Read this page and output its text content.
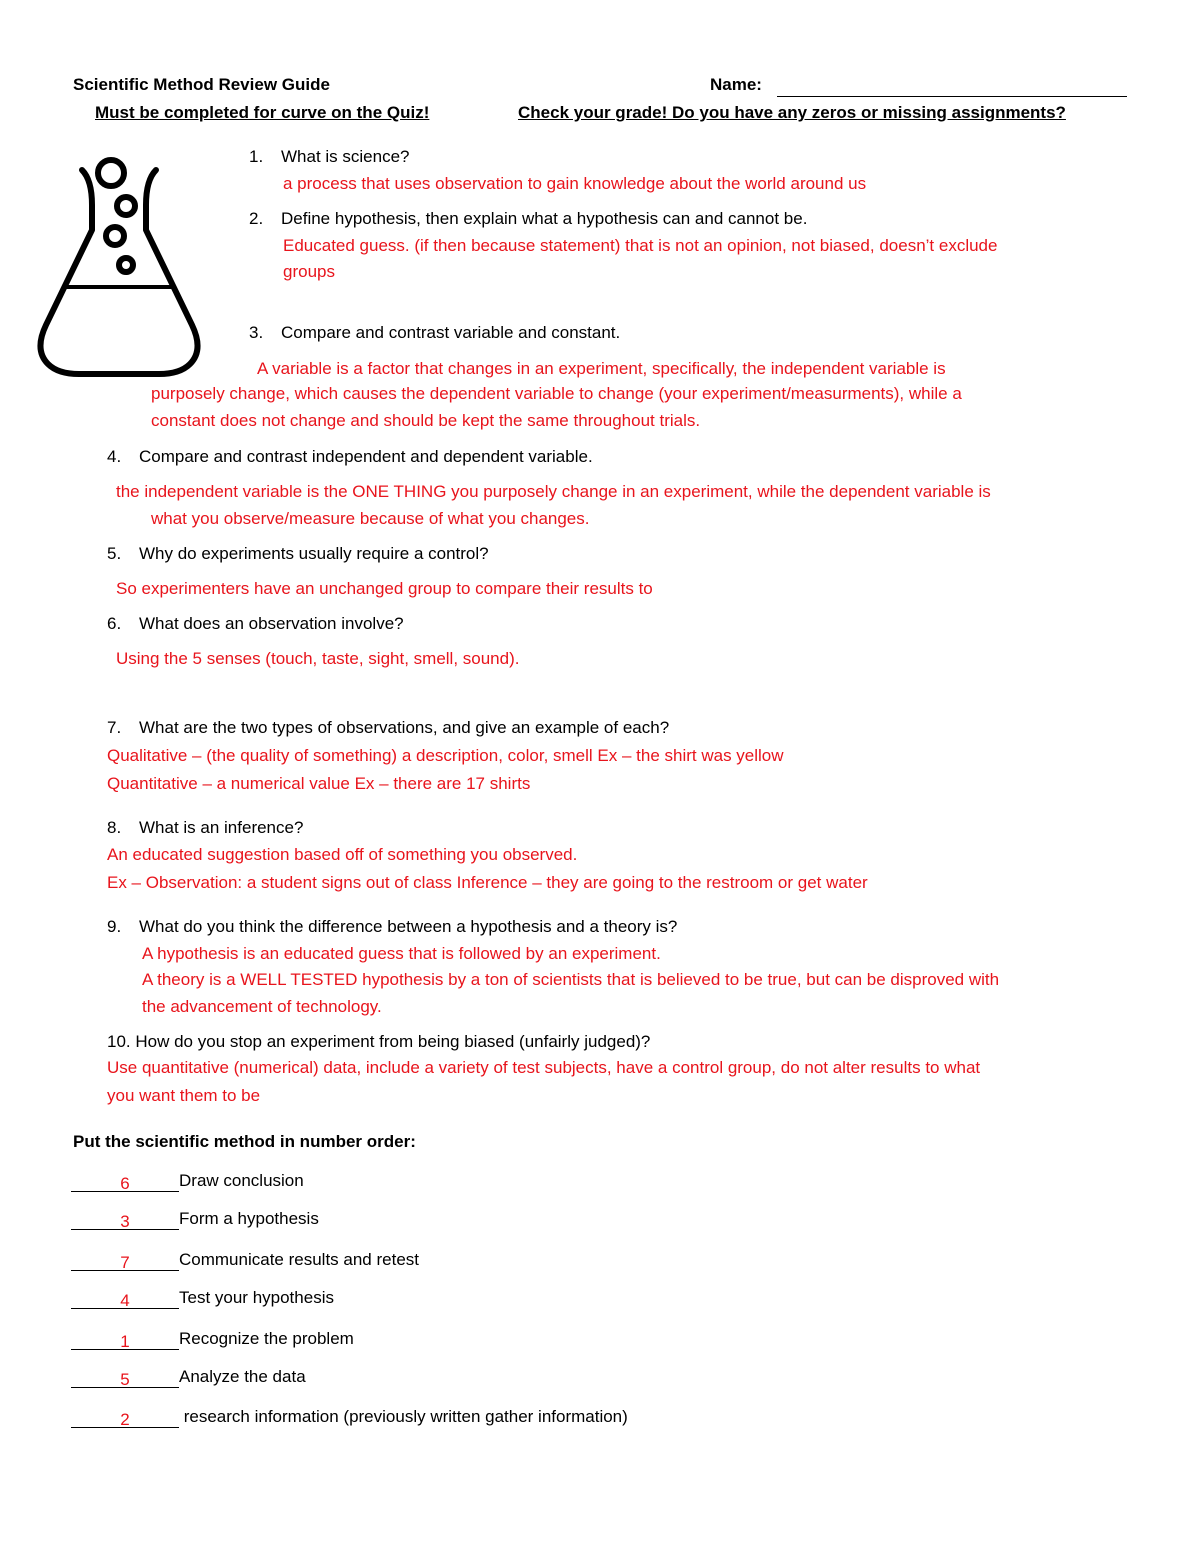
Scientific Method Review Guide	Name:
Must be completed for curve on the Quiz!	Check your grade! Do you have any zeros or missing assignments?
1. What is science?
a process that uses observation to gain knowledge about the world around us
2. Define hypothesis, then explain what a hypothesis can and cannot be.
Educated guess. (if then because statement) that is not an opinion, not biased, doesn’t exclude
groups
3. Compare and contrast variable and constant.
A variable is a factor that changes in an experiment, specifically, the independent variable is
purposely change, which causes the dependent variable to change (your experiment/measurments), while a
constant does not change and should be kept the same throughout trials.
4. Compare and contrast independent and dependent variable.
the independent variable is the ONE THING you purposely change in an experiment, while the dependent variable is
what you observe/measure because of what you changes.
5. Why do experiments usually require a control?
So experimenters have an unchanged group to compare their results to
6. What does an observation involve?
Using the 5 senses (touch, taste, sight, smell, sound).
7. What are the two types of observations, and give an example of each?
Qualitative – (the quality of something) a description, color, smell Ex – the shirt was yellow
Quantitative – a numerical value Ex – there are 17 shirts
8. What is an inference?
An educated suggestion based off of something you observed.
Ex – Observation: a student signs out of class Inference – they are going to the restroom or get water
9. What do you think the difference between a hypothesis and a theory is?
A hypothesis is an educated guess that is followed by an experiment.
A theory is a WELL TESTED hypothesis by a ton of scientists that is believed to be true, but can be disproved with
the advancement of technology.
10. How do you stop an experiment from being biased (unfairly judged)?
Use quantitative (numerical) data, include a variety of test subjects, have a control group, do not alter results to what
you want them to be
Put the scientific method in number order:
6	Draw conclusion
3	Form a hypothesis
7	Communicate results and retest
4	Test your hypothesis
1	Recognize the problem
5	Analyze the data
2	research information (previously written gather information)
